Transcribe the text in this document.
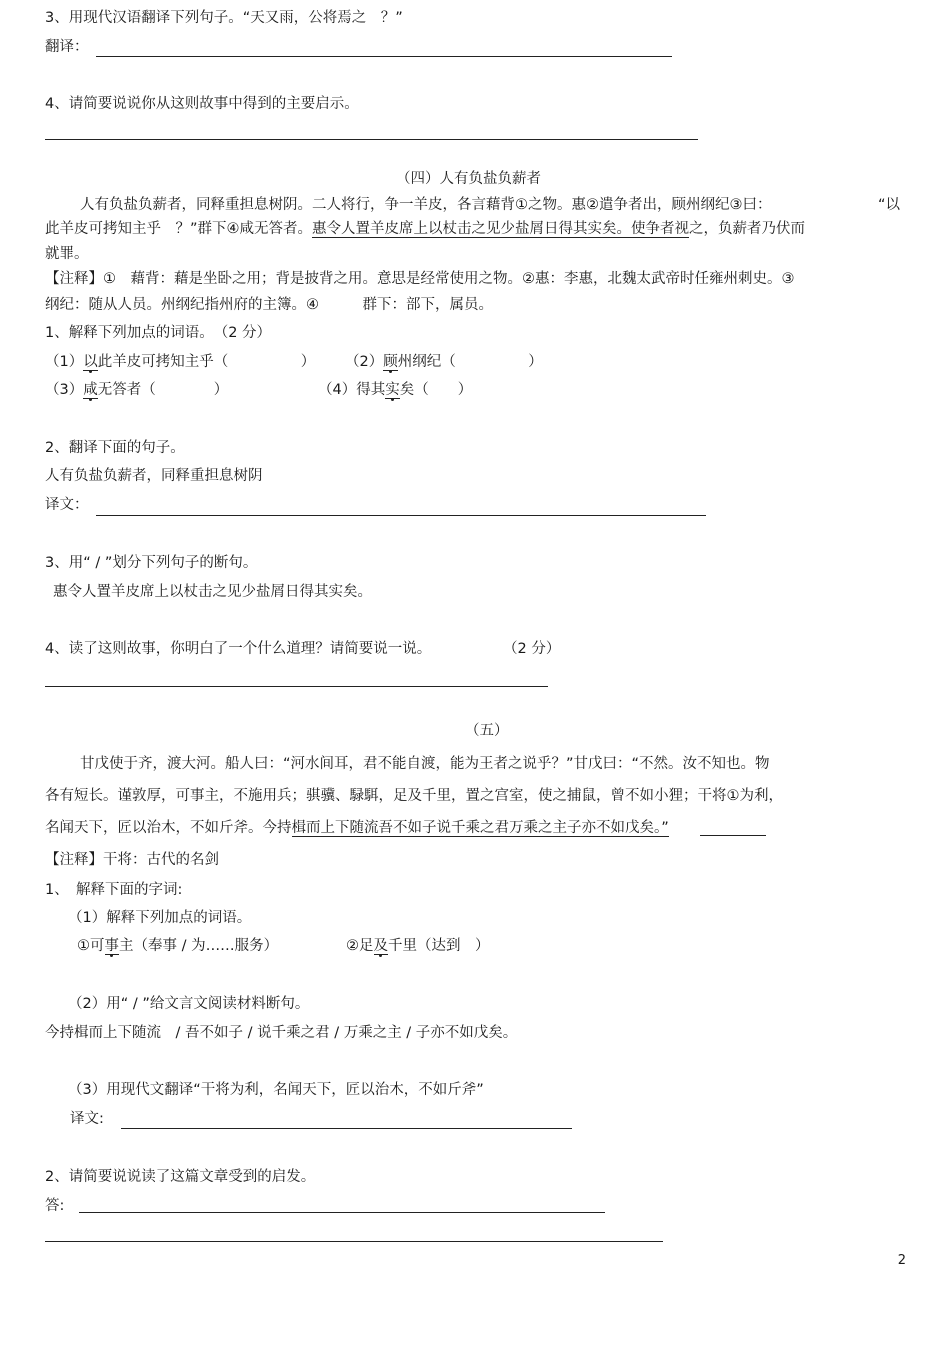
3、用现代汉语翻译下列句子。“天又雨，公将焉之　？”
翻译：
4、请简要说说你从这则故事中得到的主要启示。
（四）人有负盐负薪者
人有负盐负薪者，同释重担息树阴。二人将行，争一羊皮，各言藉背①之物。惠②遣争者出，顾州纲纪③曰：	“以
此羊皮可拷知主乎　？”群下④咸无答者。惠令人置羊皮席上以杖击之见少盐屑日得其实矣。使争者视之，负薪者乃伏而
就罪。
【注释】①　藉背：藉是坐卧之用；背是披背之用。意思是经常使用之物。②惠：李惠，北魏太武帝时任雍州刺史。③
纲纪：随从人员。州纲纪指州府的主簿。④　　　群下：部下，属员。
1、解释下列加点的词语。　（2 分）
（1）以此羊皮可拷知主乎（　　　　　） （2）顾州纲纪（　　　　　）
（3）咸无答者（　　　　）	（4）得其实矣（　　）
2、翻译下面的句子。
人有负盐负薪者，同释重担息树阴
译文：
3、用“ / ”划分下列句子的断句。
惠令人置羊皮席上以杖击之见少盐屑日得其实矣。
4、读了这则故事，你明白了一个什么道理？请简要说一说。	（2 分）
（五）
甘戊使于齐，渡大河。船人曰：“河水间耳，君不能自渡，能为王者之说乎？”甘戊曰：“不然。汝不知也。物
各有短长。谨敦厚，可事主，不施用兵；骐骥、騄駬，足及千里，置之宫室，使之捕鼠，曾不如小狸；干将①为利，
名闻天下，匠以治木，不如斤斧。今持楫而上下随流吾不如子说千乘之君万乘之主子亦不如戊矣。”
【注释】干将：古代的名剑
1、　解释下面的字词:
（1）解释下列加点的词语。
①可事主（奉事 / 为……服务）	②足及千里（达到　）
（2）用“ / ”给文言文阅读材料断句。
今持楫而上下随流　/ 吾不如子 / 说千乘之君 / 万乘之主 / 子亦不如戊矣。
（3）用现代文翻译“干将为利，名闻天下，匠以治木，不如斤斧”
译文:
2、请简要说说读了这篇文章受到的启发。
答:
2
